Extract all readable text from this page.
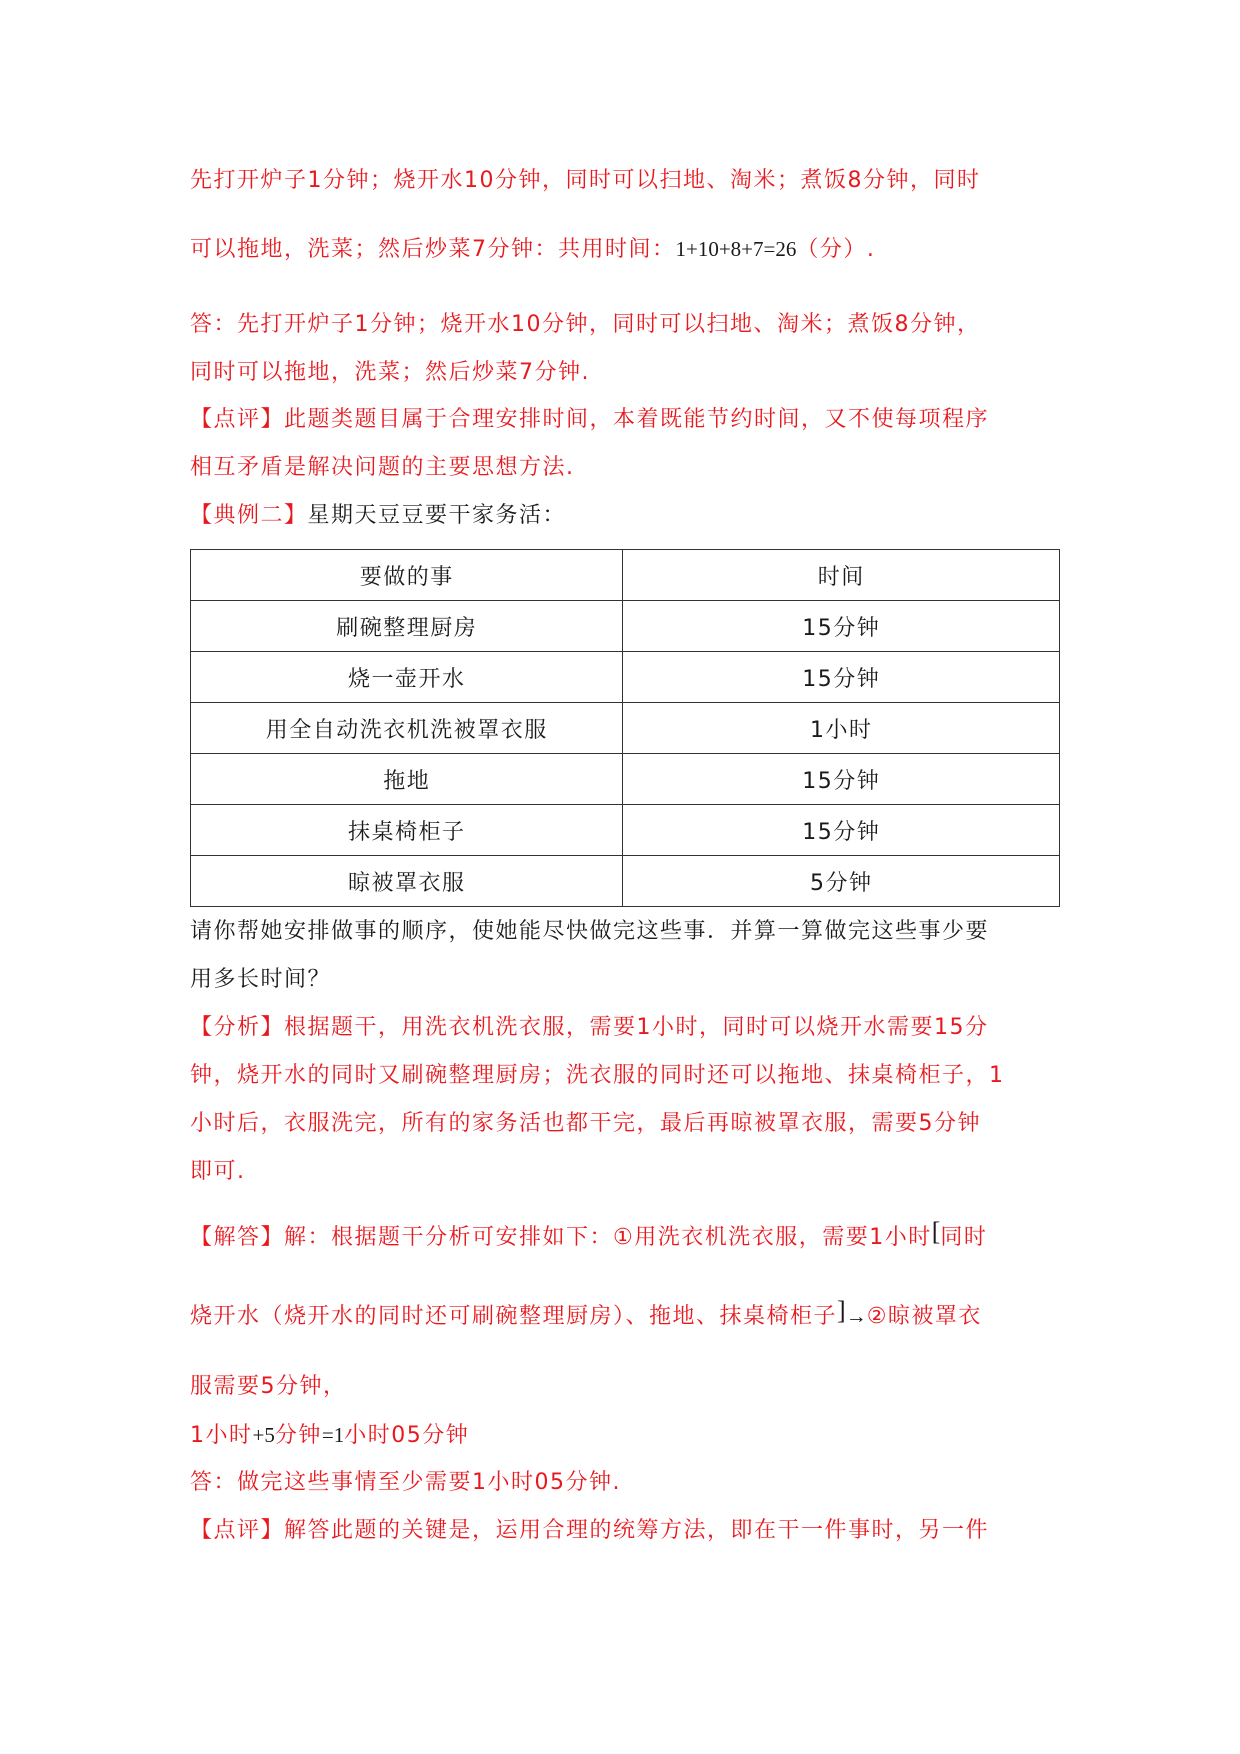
先打开炉子1分钟；烧开水10分钟，同时可以扫地、淘米；煮饭8分钟，同时
可以拖地，洗菜；然后炒菜7分钟：共用时间：1+10+8+7=26（分）.
答：先打开炉子1分钟；烧开水10分钟，同时可以扫地、淘米；煮饭8分钟，
同时可以拖地，洗菜；然后炒菜7分钟.
【点评】此题类题目属于合理安排时间，本着既能节约时间，又不使每项程序
相互矛盾是解决问题的主要思想方法.
【典例二】星期天豆豆要干家务活：
要做的事	时间
刷碗整理厨房	15分钟
烧一壶开水	15分钟
用全自动洗衣机洗被罩衣服	1小时
拖地	15分钟
抹桌椅柜子	15分钟
晾被罩衣服	5分钟
请你帮她安排做事的顺序，使她能尽快做完这些事．并算一算做完这些事少要
用多长时间？
【分析】根据题干，用洗衣机洗衣服，需要1小时，同时可以烧开水需要15分
钟，烧开水的同时又刷碗整理厨房；洗衣服的同时还可以拖地、抹桌椅柜子，1
小时后，衣服洗完，所有的家务活也都干完，最后再晾被罩衣服，需要5分钟
即可.
【解答】解：根据题干分析可安排如下：①用洗衣机洗衣服，需要1小时[同时
烧开水（烧开水的同时还可刷碗整理厨房）、拖地、抹桌椅柜子]→②晾被罩衣
服需要5分钟，
1小时+5分钟=1小时05分钟
答：做完这些事情至少需要1小时05分钟.
【点评】解答此题的关键是，运用合理的统筹方法，即在干一件事时，另一件
